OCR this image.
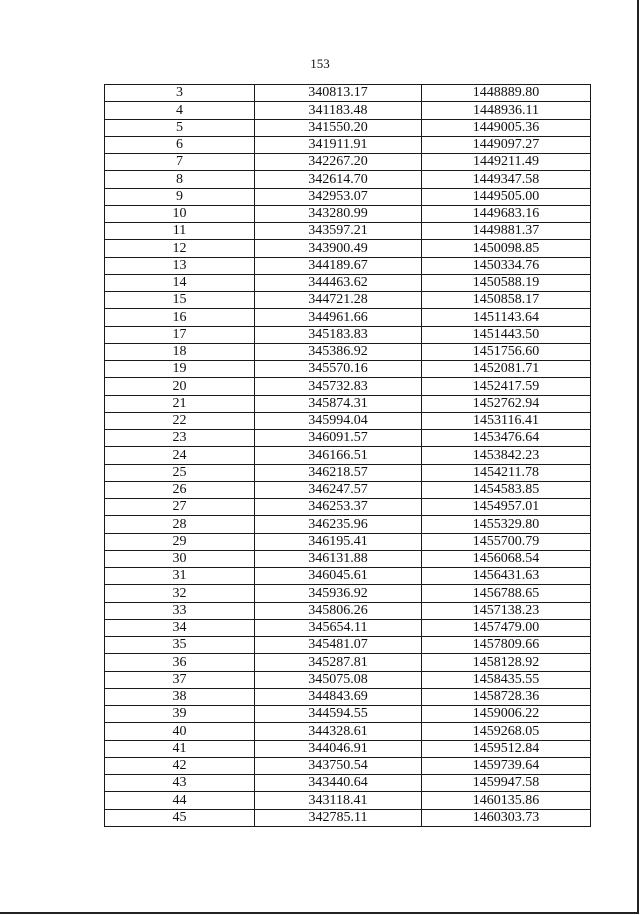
153
3	340813.17	1448889.80
4	341183.48	1448936.11
5	341550.20	1449005.36
6	341911.91	1449097.27
7	342267.20	1449211.49
8	342614.70	1449347.58
9	342953.07	1449505.00
10	343280.99	1449683.16
11	343597.21	1449881.37
12	343900.49	1450098.85
13	344189.67	1450334.76
14	344463.62	1450588.19
15	344721.28	1450858.17
16	344961.66	1451143.64
17	345183.83	1451443.50
18	345386.92	1451756.60
19	345570.16	1452081.71
20	345732.83	1452417.59
21	345874.31	1452762.94
22	345994.04	1453116.41
23	346091.57	1453476.64
24	346166.51	1453842.23
25	346218.57	1454211.78
26	346247.57	1454583.85
27	346253.37	1454957.01
28	346235.96	1455329.80
29	346195.41	1455700.79
30	346131.88	1456068.54
31	346045.61	1456431.63
32	345936.92	1456788.65
33	345806.26	1457138.23
34	345654.11	1457479.00
35	345481.07	1457809.66
36	345287.81	1458128.92
37	345075.08	1458435.55
38	344843.69	1458728.36
39	344594.55	1459006.22
40	344328.61	1459268.05
41	344046.91	1459512.84
42	343750.54	1459739.64
43	343440.64	1459947.58
44	343118.41	1460135.86
45	342785.11	1460303.73
